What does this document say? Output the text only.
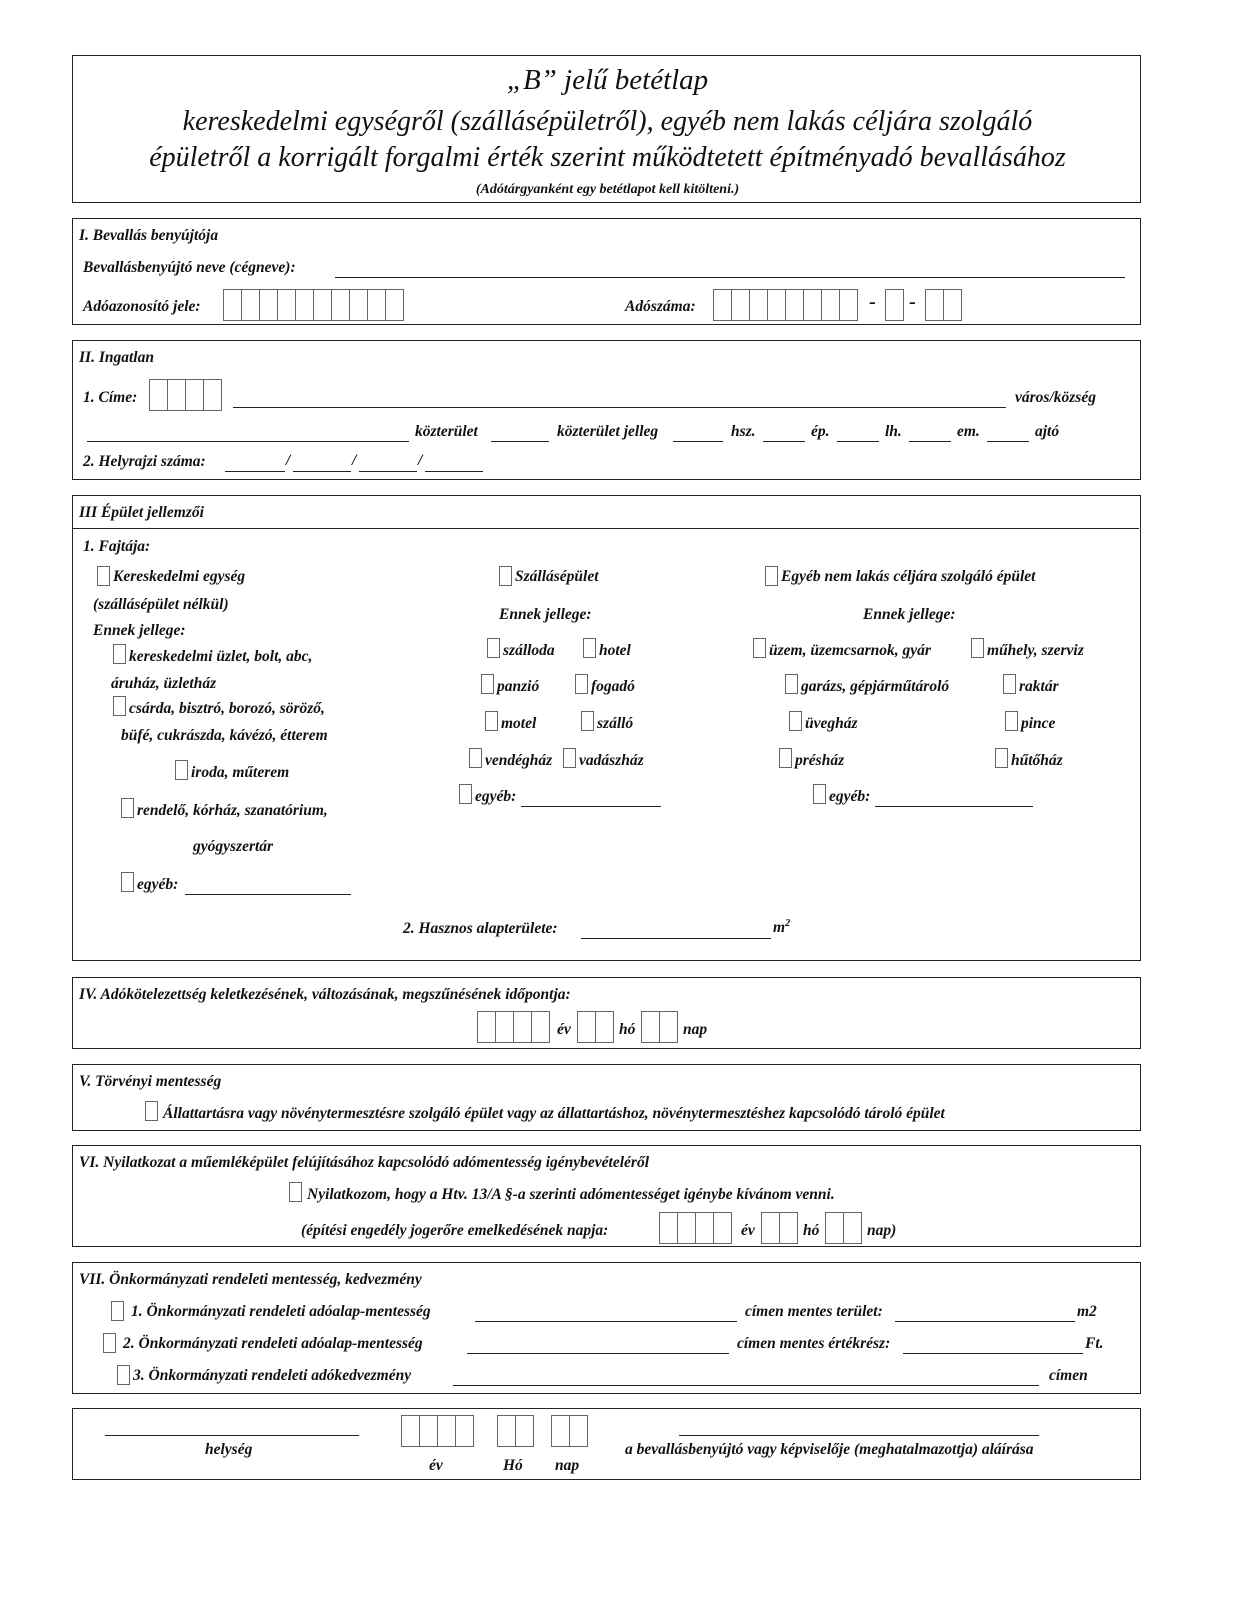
„B” jelű betétlap
kereskedelmi egységről (szállásépületről), egyéb nem lakás céljára szolgáló
épületről a korrigált forgalmi érték szerint működtetett építményadó bevallásához
(Adótárgyanként egy betétlapot kell kitölteni.)
I. Bevallás benyújtója
Bevallásbenyújtó neve (cégneve):
Adóazonosító jele:	Adószáma:	- -
II. Ingatlan
1. Címe:	város/község
közterület	közterület jelleg	hsz.	ép.	lh.	em.	ajtó
2. Helyrajzi száma:	/	/	/
III Épület jellemzői
1. Fajtája:
Kereskedelmi egység
(szállásépület nélkül)
Ennek jellege:
kereskedelmi üzlet, bolt, abc,
áruház, üzletház
csárda, bisztró, borozó, söröző,
büfé, cukrászda, kávézó, étterem
iroda, műterem
rendelő, kórház, szanatórium,
gyógyszertár
egyéb:
Szállásépület
Ennek jellege:
szálloda	hotel
panzió	fogadó
motel	szálló
vendégház vadászház
egyéb:
Egyéb nem lakás céljára szolgáló épület
Ennek jellege:
üzem, üzemcsarnok, gyár	műhely, szerviz
garázs, gépjárműtároló	raktár
üvegház	pince
présház	hűtőház
egyéb:
2. Hasznos alapterülete:	$m^2$
IV. Adókötelezettség keletkezésének, változásának, megszűnésének időpontja:
év	hó	nap
V. Törvényi mentesség
Állattartásra vagy növénytermesztésre szolgáló épület vagy az állattartáshoz, növénytermesztéshez kapcsolódó tároló épület
VI. Nyilatkozat a műemléképület felújításához kapcsolódó adómentesség igénybevételéről
Nyilatkozom, hogy a Htv. 13/A §-a szerinti adómentességet igénybe kívánom venni.
(építési engedély jogerőre emelkedésének napja:	év	hó	nap)
VII. Önkormányzati rendeleti mentesség, kedvezmény
1. Önkormányzati rendeleti adóalap-mentesség	címen mentes terület:	m2
2. Önkormányzati rendeleti adóalap-mentesség	címen mentes értékrész:	Ft.
3. Önkormányzati rendeleti adókedvezmény	címen
helység
év	Hó nap
a bevallásbenyújtó vagy képviselője (meghatalmazottja) aláírása
